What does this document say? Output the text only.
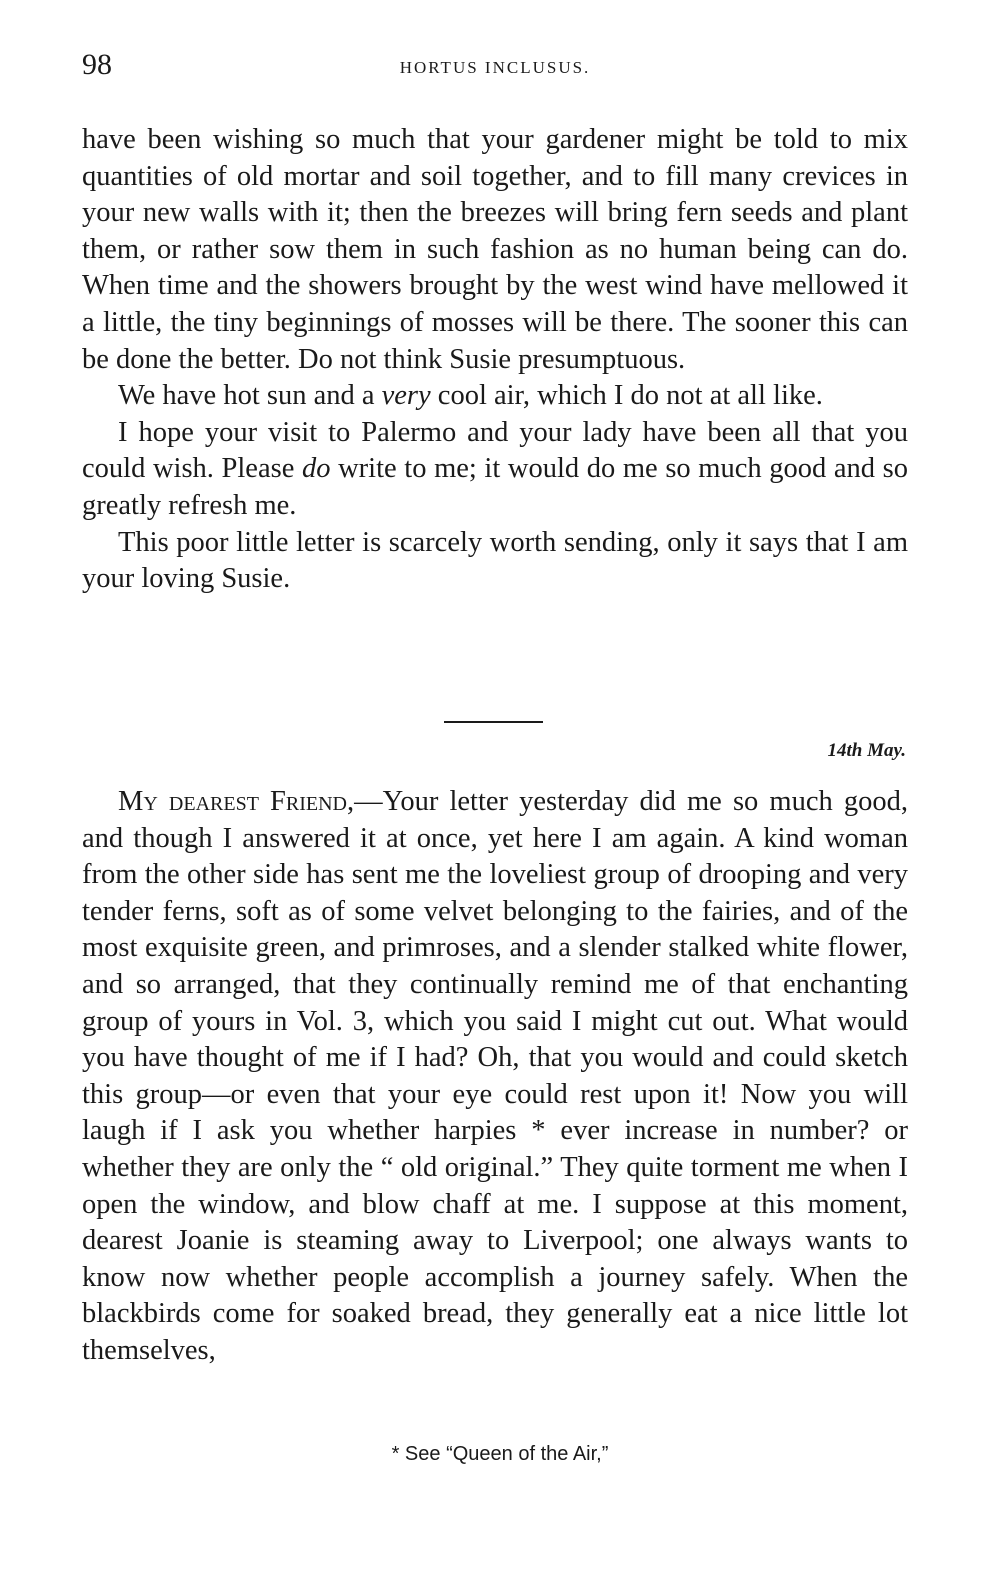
98	HORTUS INCLUSUS.

have been wishing so much that your gardener might be told to mix quantities of old mortar and soil together, and to fill many crevices in your new walls with it; then the breezes will bring fern seeds and plant them, or rather sow them in such fashion as no human being can do. When time and the showers brought by the west wind have mellowed it a little, the tiny beginnings of mosses will be there. The sooner this can be done the better. Do not think Susie presumptuous.

We have hot sun and a very cool air, which I do not at all like.

I hope your visit to Palermo and your lady have been all that you could wish. Please do write to me; it would do me so much good and so greatly refresh me.

This poor little letter is scarcely worth sending, only it says that I am your loving Susie.

14th May.

My dearest Friend,—Your letter yesterday did me so much good, and though I answered it at once, yet here I am again. A kind woman from the other side has sent me the loveliest group of drooping and very tender ferns, soft as of some velvet belonging to the fairies, and of the most exquisite green, and primroses, and a slender stalked white flower, and so arranged, that they continually remind me of that enchanting group of yours in Vol. 3, which you said I might cut out. What would you have thought of me if I had? Oh, that you would and could sketch this group—or even that your eye could rest upon it! Now you will laugh if I ask you whether harpies * ever increase in number? or whether they are only the “ old original.” They quite torment me when I open the window, and blow chaff at me. I suppose at this moment, dearest Joanie is steaming away to Liverpool; one always wants to know now whether people accomplish a journey safely. When the blackbirds come for soaked bread, they generally eat a nice little lot themselves,

* See “Queen of the Air,”
